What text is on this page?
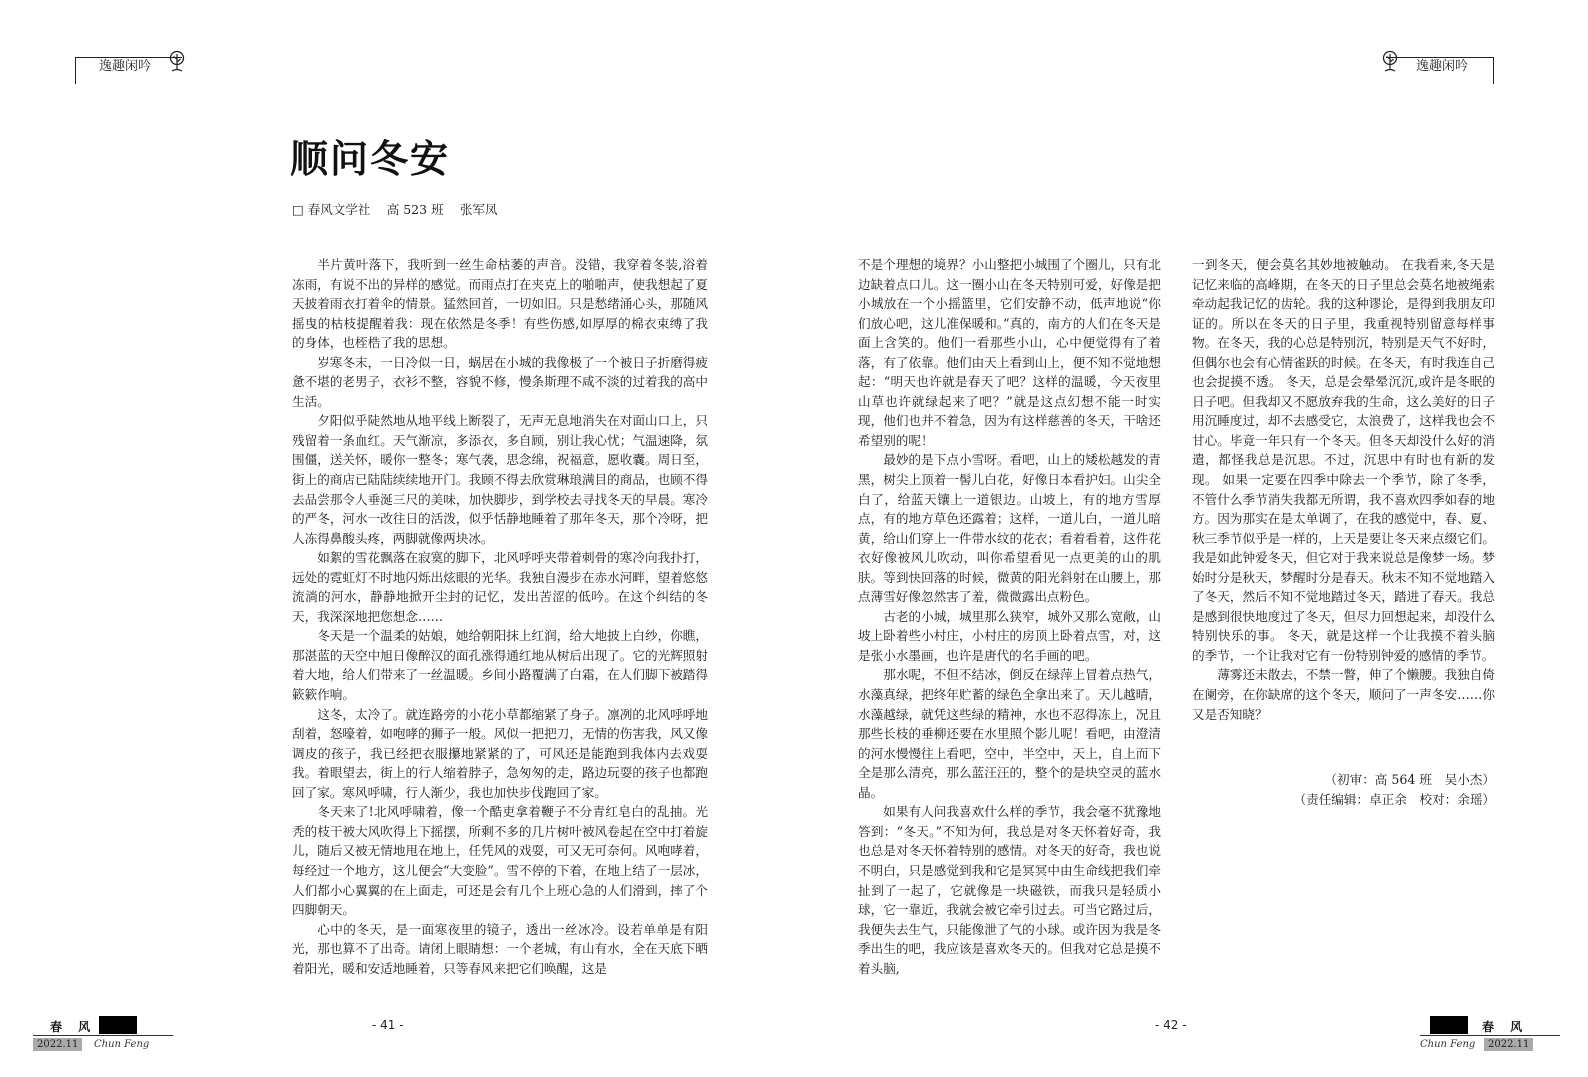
逸趣闲吟	逸趣闲吟
顺问冬安
□ 春风文学社　 高 523 班　 张军凤

半片黄叶落下，我听到一丝生命枯萎的声音。没错，我穿着冬装,浴着冻雨，有说不出的异样的感觉。而雨点打在夹克上的啪啪声，使我想起了夏天披着雨衣打着伞的情景。猛然回首，一切如旧。只是愁绪涌心头，那随风摇曳的枯枝提醒着我：现在依然是冬季！有些伤感,如厚厚的棉衣束缚了我的身体，也桎梏了我的思想。

岁寒冬末，一日冷似一日，蜗居在小城的我像极了一个被日子折磨得疲惫不堪的老男子，衣衫不整，容貌不修，慢条斯理不咸不淡的过着我的高中生活。

夕阳似乎陡然地从地平线上断裂了，无声无息地消失在对面山口上，只残留着一条血红。天气渐凉，多添衣，多自顾，别让我心忧；气温速降，氛围僵，送关怀，暖你一整冬；寒气袭，思念绵，祝福意，愿收囊。周日至，街上的商店已陆陆续续地开门。我顾不得去欣赏琳琅满目的商品，也顾不得去品尝那令人垂涎三尺的美味，加快脚步，到学校去寻找冬天的早晨。寒冷的严冬，河水一改往日的活泼，似乎恬静地睡着了那年冬天，那个冷呀，把人冻得鼻酸头疼，两脚就像两块冰。

如絮的雪花飘落在寂寞的脚下，北风呼呼夹带着刺骨的寒冷向我扑打，远处的霓虹灯不时地闪烁出炫眼的光华。我独自漫步在赤水河畔，望着悠悠流淌的河水，静静地掀开尘封的记忆，发出苦涩的低吟。在这个纠结的冬天，我深深地把您想念……

冬天是一个温柔的姑娘，她给朝阳抹上红润，给大地披上白纱，你瞧，那湛蓝的天空中旭日像醉汉的面孔涨得通红地从树后出现了。它的光辉照射着大地，给人们带来了一丝温暖。乡间小路覆满了白霜，在人们脚下被踏得簌簌作响。

这冬，太冷了。就连路旁的小花小草都缩紧了身子。凛冽的北风呼呼地刮着，怒嚎着，如咆哮的狮子一般。风似一把把刀，无情的伤害我，风又像调皮的孩子，我已经把衣服攥地紧紧的了，可风还是能跑到我体内去戏耍我。着眼望去，街上的行人缩着脖子，急匆匆的走，路边玩耍的孩子也都跑回了家。寒风呼啸，行人渐少，我也加快步伐跑回了家。

冬天来了!北风呼啸着，像一个酷吏拿着鞭子不分青红皂白的乱抽。光秃的枝干被大风吹得上下摇摆，所剩不多的几片树叶被风卷起在空中打着旋儿，随后又被无情地甩在地上，任凭风的戏耍，可又无可奈何。风咆哮着，每经过一个地方，这儿便会“大变脸”。雪不停的下着，在地上结了一层冰，人们都小心翼翼的在上面走，可还是会有几个上班心急的人们滑到，摔了个四脚朝天。

心中的冬天，是一面寒夜里的镜子，透出一丝冰冷。设若单单是有阳光，那也算不了出奇。请闭上眼睛想：一个老城，有山有水，全在天底下晒着阳光，暖和安适地睡着，只等春风来把它们唤醒，这是

不是个理想的境界？小山整把小城围了个圈儿，只有北边缺着点口儿。这一圈小山在冬天特别可爱，好像是把小城放在一个小摇篮里，它们安静不动，低声地说“你们放心吧，这儿准保暖和。”真的，南方的人们在冬天是面上含笑的。他们一看那些小山，心中便觉得有了着落，有了依靠。他们由天上看到山上，便不知不觉地想起：“明天也许就是春天了吧？这样的温暖，今天夜里山草也许就绿起来了吧？”就是这点幻想不能一时实现，他们也并不着急，因为有这样慈善的冬天，干啥还希望别的呢！

最妙的是下点小雪呀。看吧，山上的矮松越发的青黑，树尖上顶着一髻儿白花，好像日本看护妇。山尖全白了，给蓝天镶上一道银边。山坡上，有的地方雪厚点，有的地方草色还露着；这样，一道儿白，一道儿暗黄，给山们穿上一件带水纹的花衣；看着看着，这件花衣好像被风儿吹动，叫你希望看见一点更美的山的肌肤。等到快回落的时候，微黄的阳光斜射在山腰上，那点薄雪好像忽然害了羞，微微露出点粉色。

古老的小城，城里那么狭窄，城外又那么宽敞，山坡上卧着些小村庄，小村庄的房顶上卧着点雪，对，这是张小水墨画，也许是唐代的名手画的吧。

那水呢，不但不结冰，倒反在绿萍上冒着点热气，水藻真绿，把终年贮蓄的绿色全拿出来了。天儿越晴，水藻越绿，就凭这些绿的精神，水也不忍得冻上，况且那些长枝的垂柳还要在水里照个影儿呢！看吧，由澄清的河水慢慢往上看吧，空中，半空中，天上，自上而下全是那么清亮，那么蓝汪汪的，整个的是块空灵的蓝水晶。

如果有人问我喜欢什么样的季节，我会毫不犹豫地答到：“冬天。”不知为何，我总是对冬天怀着好奇，我也总是对冬天怀着特别的感情。对冬天的好奇，我也说不明白，只是感觉到我和它是冥冥中由生命线把我们牵扯到了一起了，它就像是一块磁铁，而我只是轻质小球，它一靠近，我就会被它牵引过去。可当它路过后，我便失去生气，只能像泄了气的小球。或许因为我是冬季出生的吧，我应该是喜欢冬天的。但我对它总是摸不着头脑,

一到冬天，便会莫名其妙地被触动。 在我看来,冬天是记忆来临的高峰期，在冬天的日子里总会莫名地被绳索牵动起我记忆的齿轮。我的这种谬论，是得到我朋友印证的。所以在冬天的日子里，我重视特别留意每样事物。在冬天，我的心总是特别沉，特别是天气不好时，但偶尔也会有心情雀跃的时候。在冬天，有时我连自己也会捉摸不透。 冬天，总是会晕晕沉沉,或许是冬眠的日子吧。但我却又不愿放弃我的生命，这么美好的日子用沉睡度过，却不去感受它，太浪费了，这样我也会不甘心。毕竟一年只有一个冬天。但冬天却没什么好的消遣，都怪我总是沉思。不过，沉思中有时也有新的发现。 如果一定要在四季中除去一个季节，除了冬季，不管什么季节消失我都无所谓，我不喜欢四季如春的地方。因为那实在是太单调了，在我的感觉中，春、夏、秋三季节似乎是一样的，上天是要让冬天来点缀它们。我是如此钟爱冬天，但它对于我来说总是像梦一场。梦始时分是秋天，梦醒时分是春天。秋末不知不觉地踏入了冬天，然后不知不觉地踏过冬天，踏进了春天。我总是感到很快地度过了冬天，但尽力回想起来，却没什么特别快乐的事。 冬天，就是这样一个让我摸不着头脑的季节，一个让我对它有一份特别钟爱的感情的季节。

薄雾还未散去，不禁一瞥，伸了个懒腰。我独自倚在阑旁，在你缺席的这个冬天，顺问了一声冬安……你又是否知晓？

（初审：高 564 班　吴小杰）
（责任编辑：卓正余　校对：余瑶）
春 风
2022.11	Chun Feng
- 41 -	- 42 -	春 风
Chun Feng	2022.11
